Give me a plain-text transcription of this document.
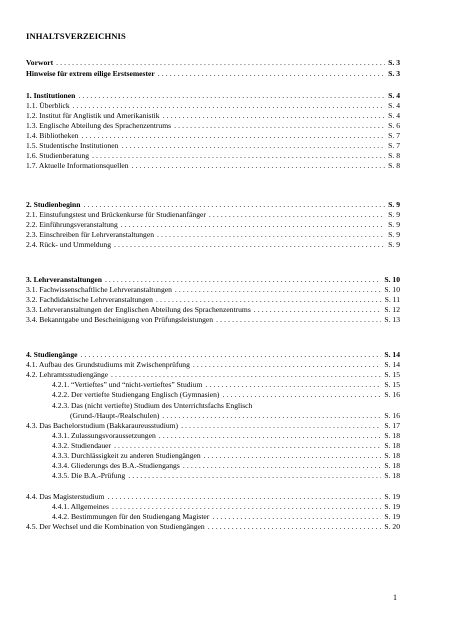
INHALTSVERZEICHNIS
Vorwort . . .	S. 3
Hinweise für extrem eilige Erstsemester . . .	S. 3
1. Institutionen . . .	S. 4
1.1. Überblick . . .	S. 4
1.2. Institut für Anglistik und Amerikanistik . . .	S. 4
1.3. Englische Abteilung des Sprachenzentrums . . .	S. 6
1.4. Bibliotheken . . .	S. 7
1.5. Studentische Institutionen . . .	S. 7
1.6. Studienberatung . . .	S. 8
1.7. Aktuelle Informationsquellen . . .	S. 8
2. Studienbeginn . . .	S. 9
2.1. Einstufungstest und Brückenkurse für Studienanfänger . . .	S. 9
2.2. Einführungsveranstaltung . . .	S. 9
2.3. Einschreiben für Lehrveranstaltungen . . .	S. 9
2.4. Rück- und Ummeldung . . .	S. 9
3. Lehrveranstaltungen . . .	S. 10
3.1. Fachwissenschaftliche Lehrveranstaltungen . . .	S. 10
3.2. Fachdidaktische Lehrveranstaltungen . . .	S. 11
3.3. Lehrveranstaltungen der Englischen Abteilung des Sprachenzentrums . . .	S. 12
3.4. Bekanntgabe und Bescheinigung von Prüfungsleistungen . . .	S. 13
4. Studiengänge . . .	S. 14
4.1. Aufbau des Grundstudiums mit Zwischenprüfung . . .	S. 14
4.2. Lehramtsstudiengänge . . .	S. 15
4.2.1. “Vertieftes” und “nicht-vertieftes” Studium . . .	S. 15
4.2.2. Der vertiefte Studiengang Englisch (Gymnasien) . . .	S. 16
4.2.3. Das (nicht vertiefte) Studium des Unterrichtsfachs Englisch
(Grund-/Haupt-/Realschulen) . . .	S. 16
4.3. Das Bachelorstudium (Bakkaraureusstudium) . . .	S. 17
4.3.1. Zulassungsvoraussetzungen . . .	S. 18
4.3.2. Studiendauer . . .	S. 18
4.3.3. Durchlässigkeit zu anderen Studiengängen . . .	S. 18
4.3.4. Gliederungs des B.A.-Studiengangs . . .	S. 18
4.3.5. Die B.A.-Prüfung . . .	S. 18
4.4. Das Magisterstudium . . .	S. 19
4.4.1. Allgemeines . . .	S. 19
4.4.2. Bestimmungen für den Studiengang Magister . . .	S. 19
4.5. Der Wechsel und die Kombination von Studiengängen . . .	S. 20
1
